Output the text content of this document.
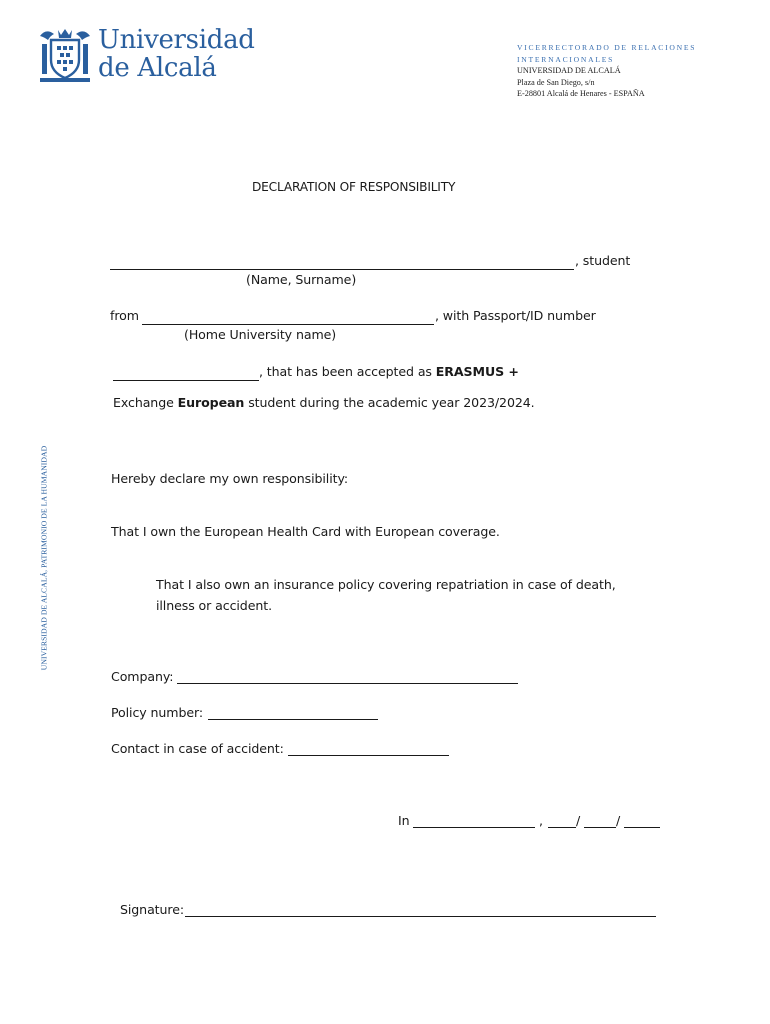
Universidad
de Alcalá
VICERRECTORADO DE RELACIONES
INTERNACIONALES
UNIVERSIDAD DE ALCALÁ
Plaza de San Diego, s/n
E-28801 Alcalá de Henares - ESPAÑA
UNIVERSIDAD DE ALCALÁ, PATRIMONIO DE LA HUMANIDAD
DECLARATION OF RESPONSIBILITY
, student
(Name, Surname)
from	, with Passport/ID number
(Home University name)
, that has been accepted as ERASMUS +
Exchange European student during the academic year 2023/2024.
Hereby declare my own responsibility:
That I own the European Health Card with European coverage.
That I also own an insurance policy covering repatriation in case of death,
illness or accident.
Company:
Policy number:
Contact in case of accident:
In	,	/	/
Signature:
